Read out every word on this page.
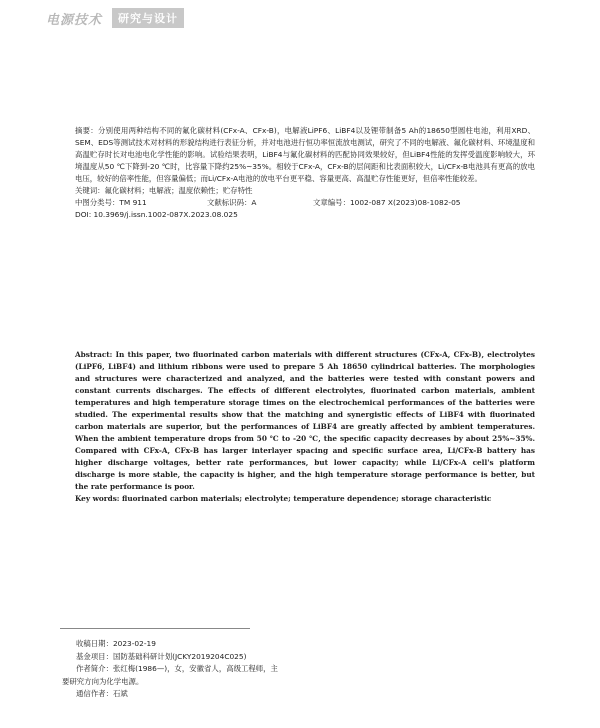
电源技术	研究与设计

摘要：分别使用两种结构不同的氟化碳材料(CFx-A、CFx-B)，电解液LiPF6、LiBF4以及锂带制备5 Ah的18650型圆柱电池，利用XRD、SEM、EDS等测试技术对材料的形貌结构进行表征分析，并对电池进行恒功率恒流放电测试，研究了不同的电解液、氟化碳材料、环境温度和高温贮存时长对电池电化学性能的影响。试验结果表明，LiBF4与氟化碳材料的匹配协同效果较好，但LiBF4性能的发挥受温度影响较大，环境温度从50 ℃下降到-20 ℃时，比容量下降约25%~35%。相较于CFx-A，CFx-B的层间距和比表面积较大，Li/CFx-B电池具有更高的放电电压，较好的倍率性能，但容量偏低；而Li/CFx-A电池的放电平台更平稳、容量更高、高温贮存性能更好，但倍率性能较差。

关键词：氟化碳材料；电解液；温度依赖性；贮存特性

中图分类号：TM 911	文献标识码：A	文章编号：1002-087 X(2023)08-1082-05

DOI: 10.3969/j.issn.1002-087X.2023.08.025

Abstract: In this paper, two fluorinated carbon materials with different structures (CFx-A, CFx-B), electrolytes (LiPF6, LiBF4) and lithium ribbons were used to prepare 5 Ah 18650 cylindrical batteries. The morphologies and structures were characterized and analyzed, and the batteries were tested with constant powers and constant currents discharges. The effects of different electrolytes, fluorinated carbon materials, ambient temperatures and high temperature storage times on the electrochemical performances of the batteries were studied. The experimental results show that the matching and synergistic effects of LiBF4 with fluorinated carbon materials are superior, but the performances of LiBF4 are greatly affected by ambient temperatures. When the ambient temperature drops from 50 ℃ to -20 ℃, the specific capacity decreases by about 25%~35%. Compared with CFx-A, CFx-B has larger interlayer spacing and specific surface area, Li/CFx-B battery has higher discharge voltages, better rate performances, but lower capacity; while Li/CFx-A cell's platform discharge is more stable, the capacity is higher, and the high temperature storage performance is better, but the rate performance is poor.

Key words: fluorinated carbon materials; electrolyte; temperature dependence; storage characteristic

收稿日期：2023-02-19

基金项目：国防基础科研计划(JCKY2019204C025)

作者简介：张红梅(1986—)，女，安徽省人，高级工程师，主

要研究方向为化学电源。

通信作者：石斌
